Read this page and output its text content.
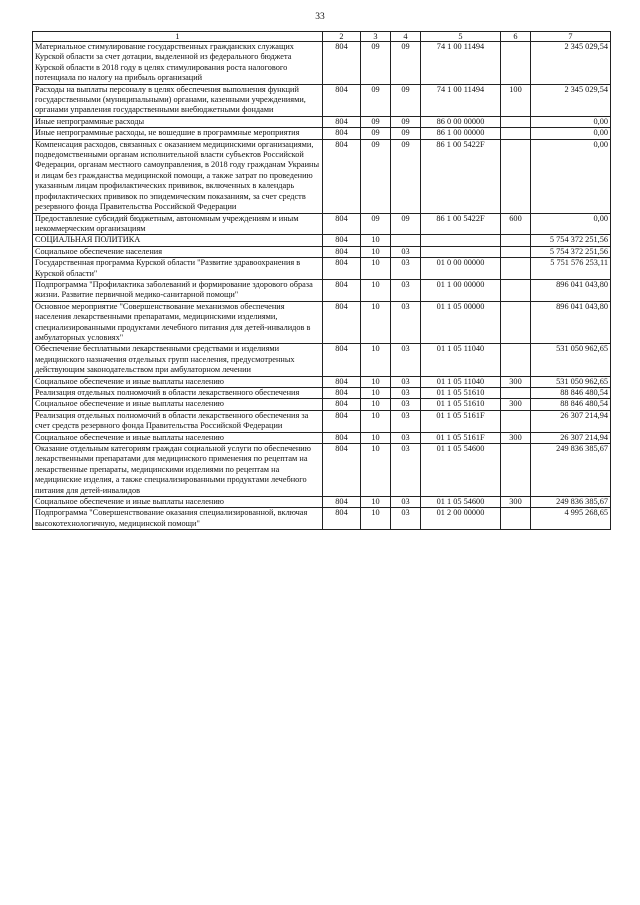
33
1	2	3	4	5	6	7
Материальное стимулирование государственных гражданских служащих Курской области за счет дотации, выделенной из федерального бюджета Курской области в 2018 году в целях стимулирования роста налогового потенциала по налогу на прибыль организаций	804	09	09	74 1 00 11494		2 345 029,54
Расходы на выплаты персоналу в целях обеспечения выполнения функций государственными (муниципальными) органами, казенными учреждениями, органами управления государственными внебюджетными фондами	804	09	09	74 1 00 11494	100	2 345 029,54
Иные непрограммные расходы	804	09	09	86 0 00 00000		0,00
Иные непрограммные расходы, не вошедшие в программные мероприятия	804	09	09	86 1 00 00000		0,00
Компенсация расходов, связанных с оказанием медицинскими организациями, подведомственными органам исполнительной власти субъектов Российской Федерации, органам местного самоуправления, в 2018 году гражданам Украины и лицам без гражданства медицинской помощи, а также затрат по проведению указанным лицам профилактических прививок, включенных в календарь профилактических прививок по эпидемическим показаниям, за счет средств резервного фонда Правительства Российской Федерации	804	09	09	86 1 00 5422F		0,00
Предоставление субсидий бюджетным, автономным учреждениям и иным некоммерческим организациям	804	09	09	86 1 00 5422F	600	0,00
СОЦИАЛЬНАЯ ПОЛИТИКА	804	10				5 754 372 251,56
Социальное обеспечение населения	804	10	03			5 754 372 251,56
Государственная программа Курской области "Развитие здравоохранения в Курской области"	804	10	03	01 0 00 00000		5 751 576 253,11
Подпрограмма "Профилактика заболеваний и формирование здорового образа жизни. Развитие первичной медико-санитарной помощи"	804	10	03	01 1 00 00000		896 041 043,80
Основное мероприятие "Совершенствование механизмов обеспечения населения лекарственными препаратами, медицинскими изделиями, специализированными продуктами лечебного питания для детей-инвалидов в амбулаторных условиях"	804	10	03	01 1 05 00000		896 041 043,80
Обеспечение бесплатными лекарственными средствами и изделиями медицинского назначения отдельных групп населения, предусмотренных действующим законодательством при амбулаторном лечении	804	10	03	01 1 05 11040		531 050 962,65
Социальное обеспечение и иные выплаты населению	804	10	03	01 1 05 11040	300	531 050 962,65
Реализация отдельных полномочий в области лекарственного обеспечения	804	10	03	01 1 05 51610		88 846 480,54
Социальное обеспечение и иные выплаты населению	804	10	03	01 1 05 51610	300	88 846 480,54
Реализация отдельных полномочий в области лекарственного обеспечения за счет средств резервного фонда Правительства Российской Федерации	804	10	03	01 1 05 5161F		26 307 214,94
Социальное обеспечение и иные выплаты населению	804	10	03	01 1 05 5161F	300	26 307 214,94
Оказание отдельным категориям граждан социальной услуги по обеспечению лекарственными препаратами для медицинского применения по рецептам на лекарственные препараты, медицинскими изделиями по рецептам на медицинские изделия, а также специализированными продуктами лечебного питания для детей-инвалидов	804	10	03	01 1 05 54600		249 836 385,67
Социальное обеспечение и иные выплаты населению	804	10	03	01 1 05 54600	300	249 836 385,67
Подпрограмма "Совершенствование оказания специализированной, включая высокотехнологичную, медицинской помощи"	804	10	03	01 2 00 00000		4 995 268,65
